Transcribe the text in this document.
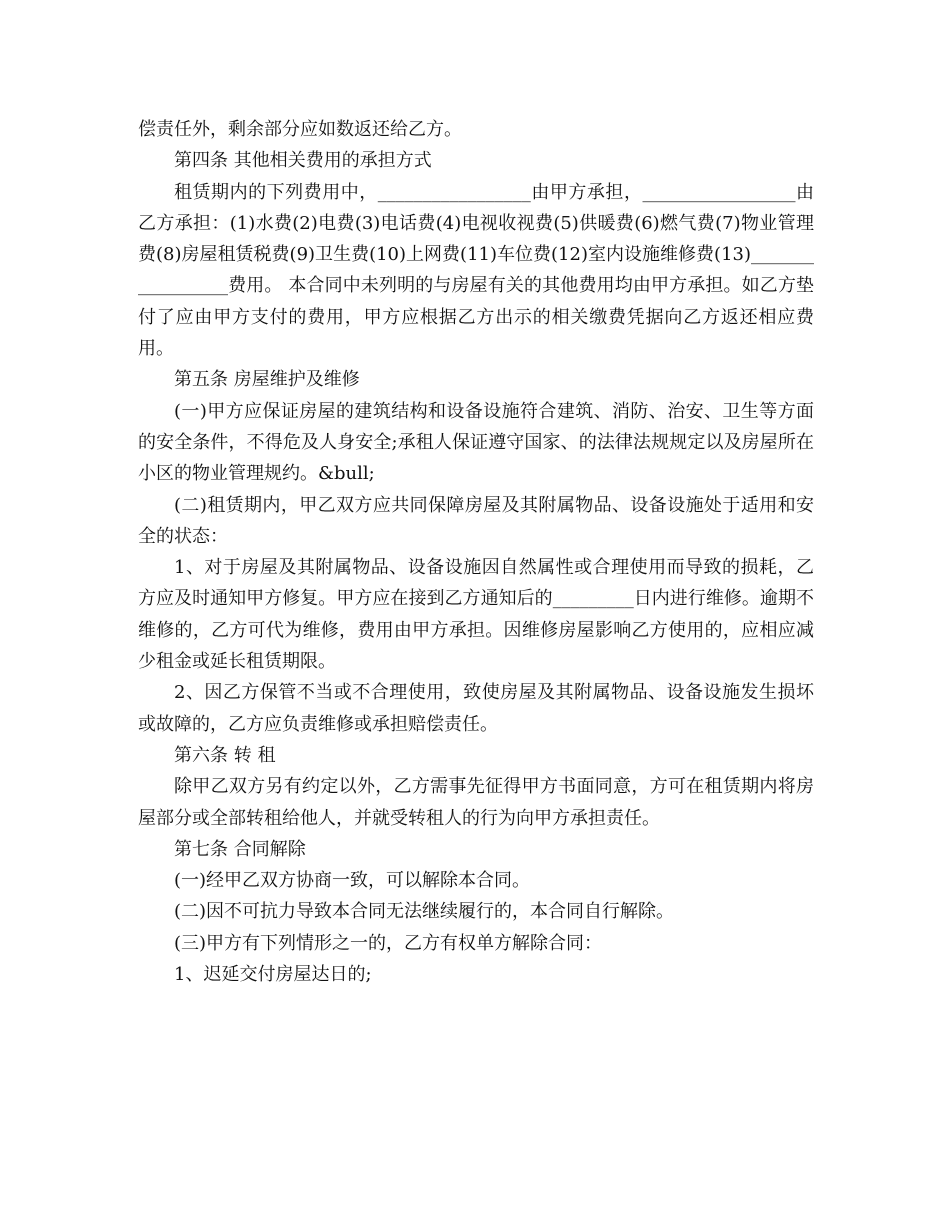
偿责任外，剩余部分应如数返还给乙方。

第四条 其他相关费用的承担方式

租赁期内的下列费用中，_________________由甲方承担，_________________由乙方承担：(1)水费(2)电费(3)电话费(4)电视收视费(5)供暖费(6)燃气费(7)物业管理费(8)房屋租赁税费(9)卫生费(10)上网费(11)车位费(12)室内设施维修费(13)_________________费用。 本合同中未列明的与房屋有关的其他费用均由甲方承担。如乙方垫付了应由甲方支付的费用，甲方应根据乙方出示的相关缴费凭据向乙方返还相应费用。

第五条 房屋维护及维修

(一)甲方应保证房屋的建筑结构和设备设施符合建筑、消防、治安、卫生等方面的安全条件，不得危及人身安全;承租人保证遵守国家、的法律法规规定以及房屋所在小区的物业管理规约。&bull;

(二)租赁期内，甲乙双方应共同保障房屋及其附属物品、设备设施处于适用和安全的状态：

1、对于房屋及其附属物品、设备设施因自然属性或合理使用而导致的损耗，乙方应及时通知甲方修复。甲方应在接到乙方通知后的_________日内进行维修。逾期不维修的，乙方可代为维修，费用由甲方承担。因维修房屋影响乙方使用的，应相应减少租金或延长租赁期限。

2、因乙方保管不当或不合理使用，致使房屋及其附属物品、设备设施发生损坏或故障的，乙方应负责维修或承担赔偿责任。

第六条 转 租

除甲乙双方另有约定以外，乙方需事先征得甲方书面同意，方可在租赁期内将房屋部分或全部转租给他人，并就受转租人的行为向甲方承担责任。

第七条 合同解除

(一)经甲乙双方协商一致，可以解除本合同。

(二)因不可抗力导致本合同无法继续履行的，本合同自行解除。

(三)甲方有下列情形之一的，乙方有权单方解除合同：

1、迟延交付房屋达日的;
